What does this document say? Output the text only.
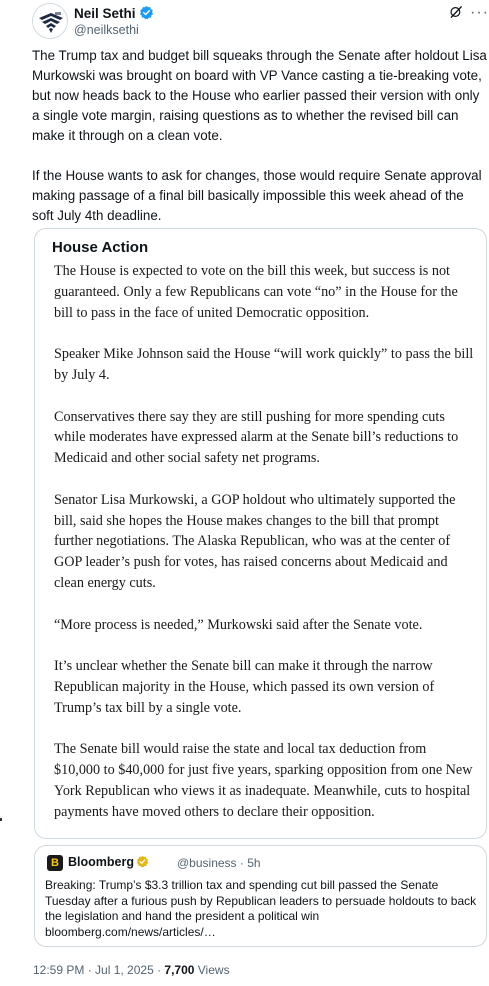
Neil Sethi
@neilksethi
···

The Trump tax and budget bill squeaks through the Senate after holdout Lisa Murkowski was brought on board with VP Vance casting a tie-breaking vote, but now heads back to the House who earlier passed their version with only a single vote margin, raising questions as to whether the revised bill can make it through on a clean vote.

If the House wants to ask for changes, those would require Senate approval making passage of a final bill basically impossible this week ahead of the soft July 4th deadline.

House Action

The House is expected to vote on the bill this week, but success is not guaranteed. Only a few Republicans can vote “no” in the House for the bill to pass in the face of united Democratic opposition.

Speaker Mike Johnson said the House “will work quickly” to pass the bill by July 4.

Conservatives there say they are still pushing for more spending cuts while moderates have expressed alarm at the Senate bill’s reductions to Medicaid and other social safety net programs.

Senator Lisa Murkowski, a GOP holdout who ultimately supported the bill, said she hopes the House makes changes to the bill that prompt further negotiations. The Alaska Republican, who was at the center of GOP leader’s push for votes, has raised concerns about Medicaid and clean energy cuts.

“More process is needed,” Murkowski said after the Senate vote.

It’s unclear whether the Senate bill can make it through the narrow Republican majority in the House, which passed its own version of Trump’s tax bill by a single vote.

The Senate bill would raise the state and local tax deduction from $10,000 to $40,000 for just five years, sparking opposition from one New York Republican who views it as inadequate. Meanwhile, cuts to hospital payments have moved others to declare their opposition.

B Bloomberg	@business · 5h
Breaking: Trump’s $3.3 trillion tax and spending cut bill passed the Senate Tuesday after a furious push by Republican leaders to persuade holdouts to back the legislation and hand the president a political win
bloomberg.com/news/articles/…
12:59 PM · Jul 1, 2025 · 7,700 Views
